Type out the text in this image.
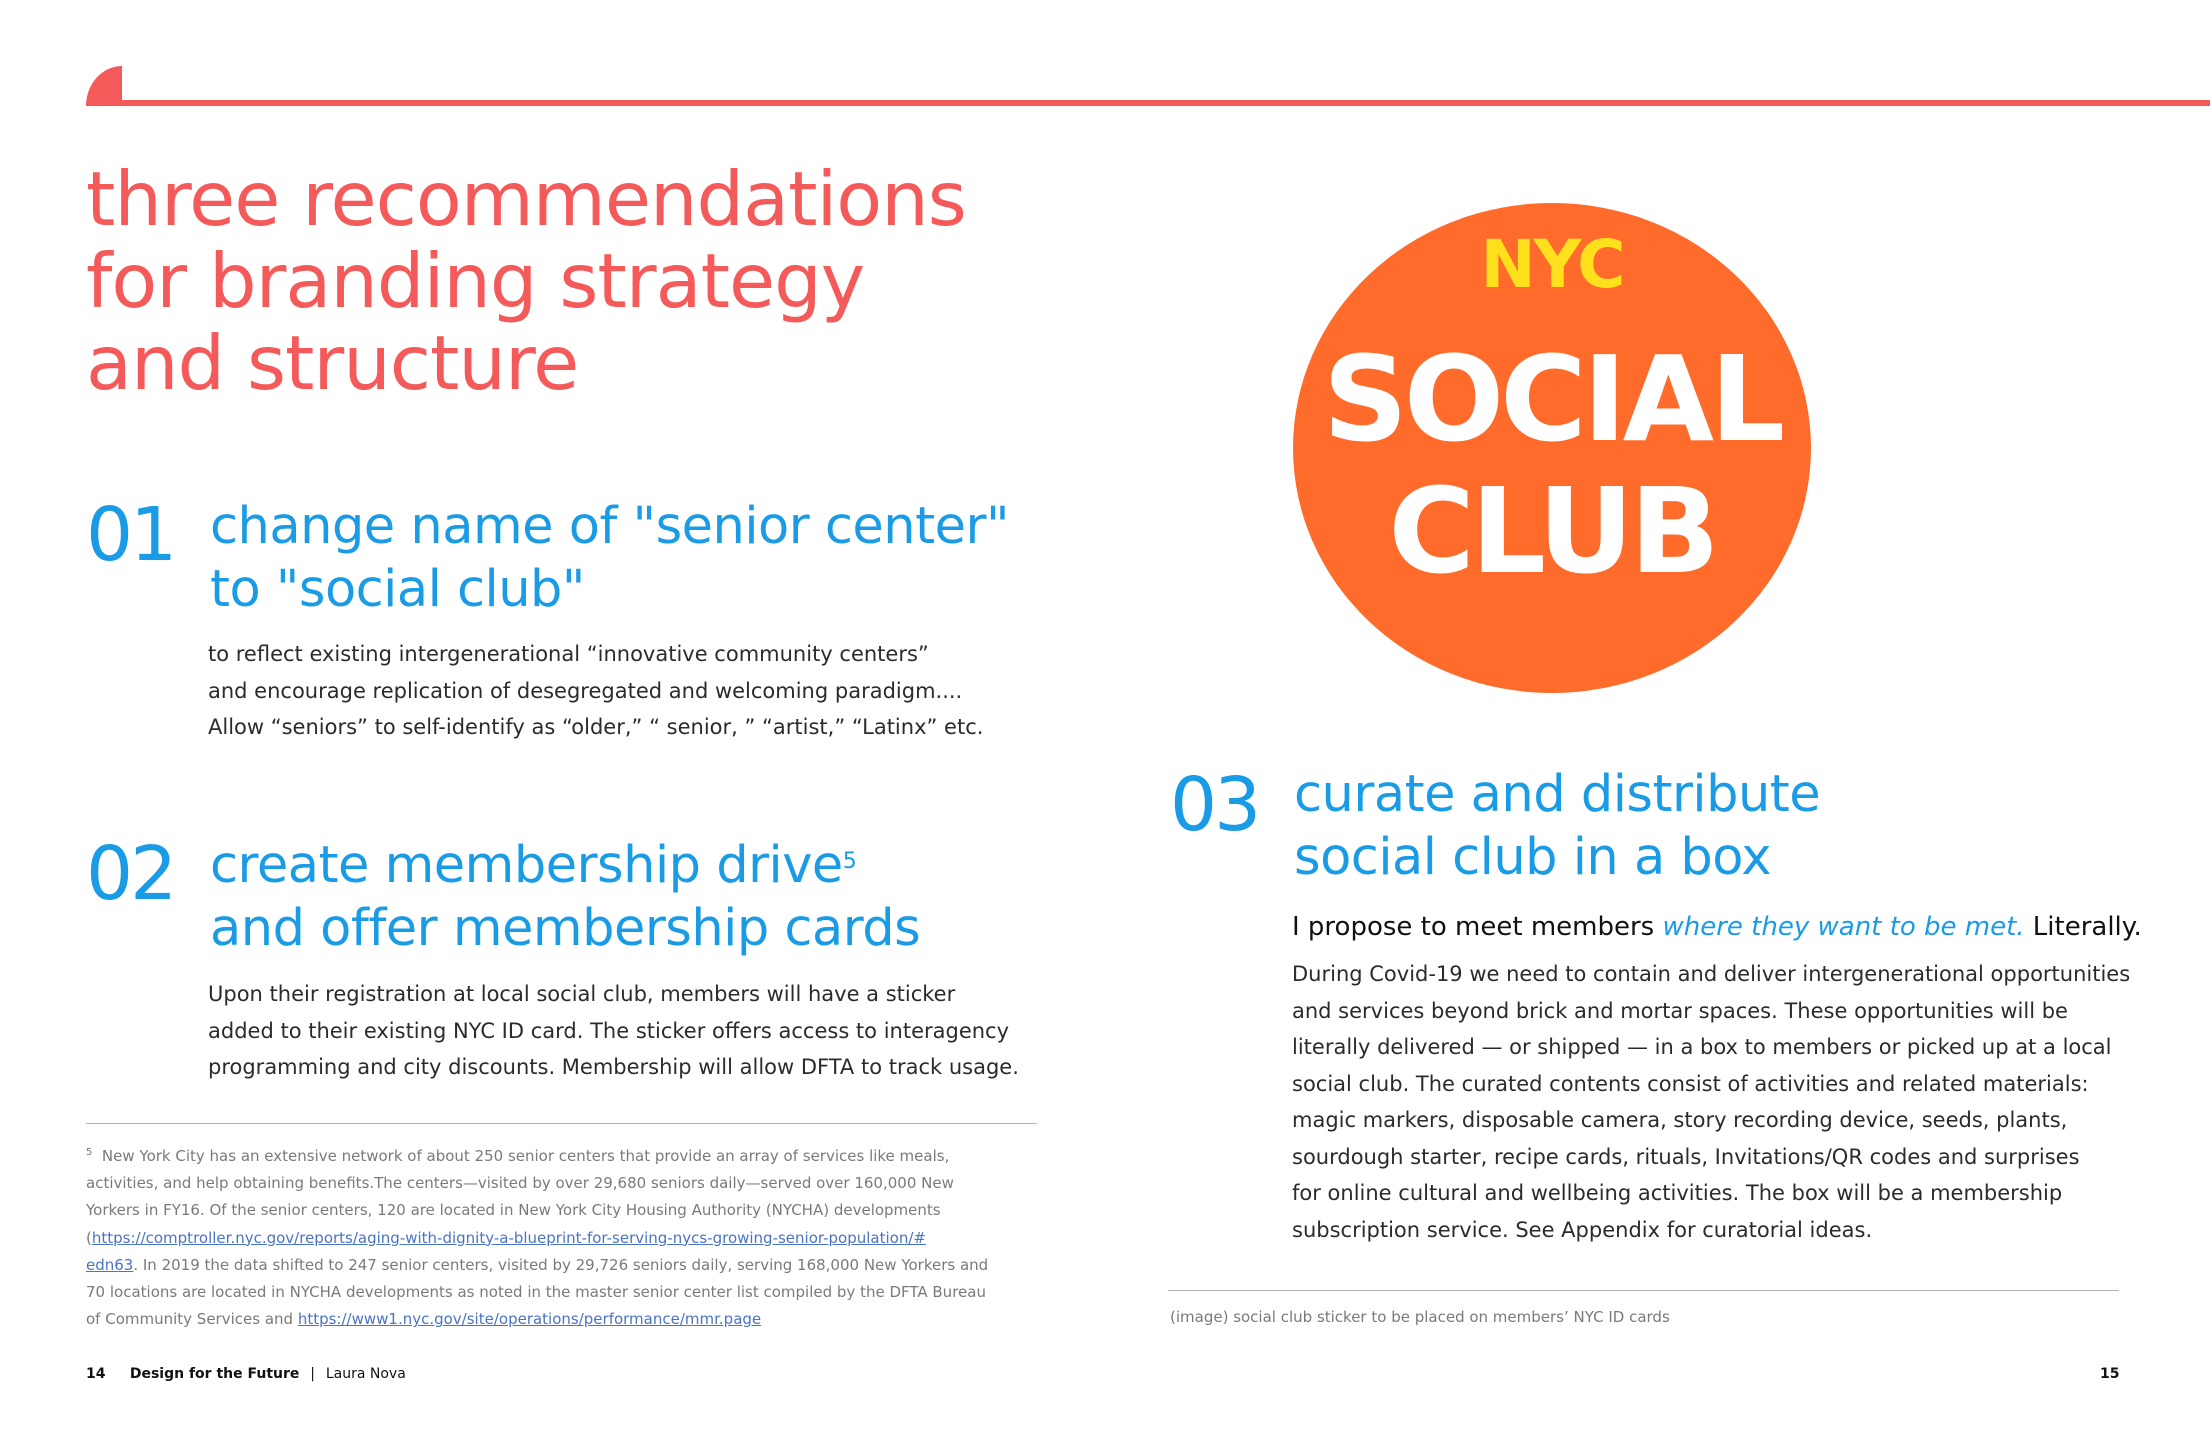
three recommendations
for branding strategy
and structure
01 change name of "senior center"
to "social club"
to reflect existing intergenerational “innovative community centers”
and encourage replication of desegregated and welcoming paradigm....
Allow “seniors” to self-identify as “older,” “ senior, ” “artist,” “Latinx” etc.
02 create membership drive$^5$
and offer membership cards
Upon their registration at local social club, members will have a sticker
added to their existing NYC ID card. The sticker offers access to interagency
programming and city discounts. Membership will allow DFTA to track usage.
$^5$ New York City has an extensive network of about 250 senior centers that provide an array of services like meals,
activities, and help obtaining benefits.The centers—visited by over 29,680 seniors daily—served over 160,000 New
Yorkers in FY16. Of the senior centers, 120 are located in New York City Housing Authority (NYCHA) developments
(https://comptroller.nyc.gov/reports/aging-with-dignity-a-blueprint-for-serving-nycs-growing-senior-population/#
edn63. In 2019 the data shifted to 247 senior centers, visited by 29,726 seniors daily, serving 168,000 New Yorkers and
70 locations are located in NYCHA developments as noted in the master senior center list compiled by the DFTA Bureau
of Community Services and https://www1.nyc.gov/site/operations/performance/mmr.page
14 Design for the Future | Laura Nova
NYC
SOCIAL
CLUB
03 curate and distribute
social club in a box
I propose to meet members where they want to be met. Literally.
During Covid-19 we need to contain and deliver intergenerational opportunities
and services beyond brick and mortar spaces. These opportunities will be
literally delivered — or shipped — in a box to members or picked up at a local
social club. The curated contents consist of activities and related materials:
magic markers, disposable camera, story recording device, seeds, plants,
sourdough starter, recipe cards, rituals, Invitations/QR codes and surprises
for online cultural and wellbeing activities. The box will be a membership
subscription service. See Appendix for curatorial ideas.
(image) social club sticker to be placed on members’ NYC ID cards
15
